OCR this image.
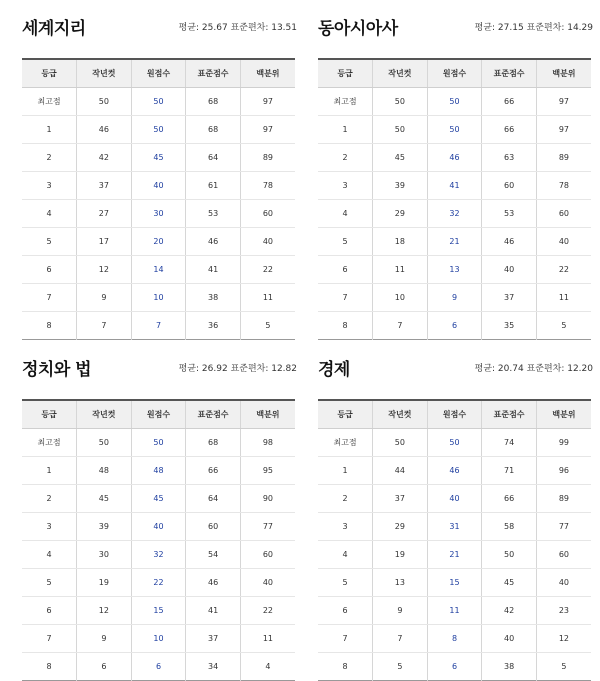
세계지리	평균: 25.67 표준편차: 13.51
등급	작년컷	원점수	표준점수	백분위
최고점	50	50	68	97
1	46	50	68	97
2	42	45	64	89
3	37	40	61	78
4	27	30	53	60
5	17	20	46	40
6	12	14	41	22
7	9	10	38	11
8	7	7	36	5
동아시아사	평균: 27.15 표준편차: 14.29
등급	작년컷	원점수	표준점수	백분위
최고점	50	50	66	97
1	50	50	66	97
2	45	46	63	89
3	39	41	60	78
4	29	32	53	60
5	18	21	46	40
6	11	13	40	22
7	10	9	37	11
8	7	6	35	5
정치와 법	평균: 26.92 표준편차: 12.82
등급	작년컷	원점수	표준점수	백분위
최고점	50	50	68	98
1	48	48	66	95
2	45	45	64	90
3	39	40	60	77
4	30	32	54	60
5	19	22	46	40
6	12	15	41	22
7	9	10	37	11
8	6	6	34	4
경제	평균: 20.74 표준편차: 12.20
등급	작년컷	원점수	표준점수	백분위
최고점	50	50	74	99
1	44	46	71	96
2	37	40	66	89
3	29	31	58	77
4	19	21	50	60
5	13	15	45	40
6	9	11	42	23
7	7	8	40	12
8	5	6	38	5
